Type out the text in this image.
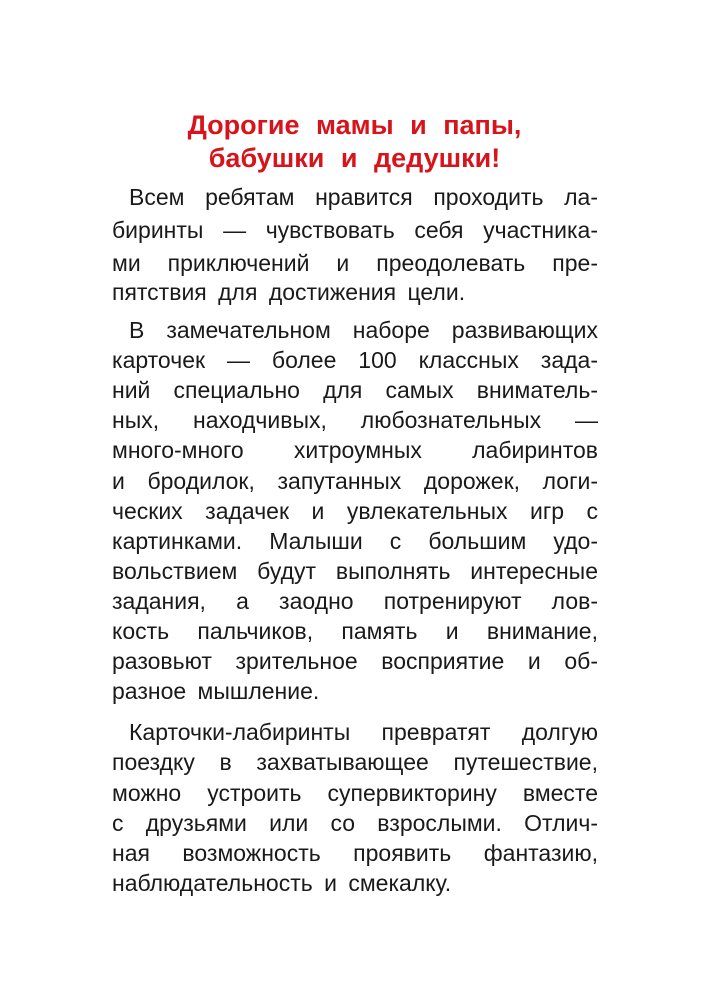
Дорогие мамы и папы,
бабушки и дедушки!
Всем ребятам нравится проходить ла-
биринты — чувствовать себя участника-
ми приключений и преодолевать пре-
пятствия для достижения цели.
В замечательном наборе развивающих
карточек — более 100 классных зада-
ний специально для самых вниматель-
ных, находчивых, любознательных —
много-много хитроумных лабиринтов
и бродилок, запутанных дорожек, логи-
ческих задачек и увлекательных игр с
картинками. Малыши с большим удо-
вольствием будут выполнять интересные
задания, а заодно потренируют лов-
кость пальчиков, память и внимание,
разовьют зрительное восприятие и об-
разное мышление.
Карточки-лабиринты превратят долгую
поездку в захватывающее путешествие,
можно устроить супервикторину вместе
с друзьями или со взрослыми. Отлич-
ная возможность проявить фантазию,
наблюдательность и смекалку.
